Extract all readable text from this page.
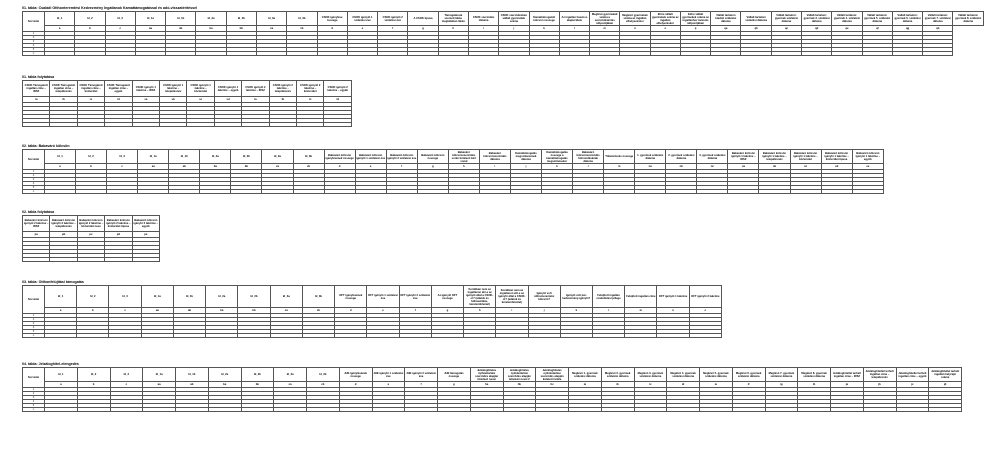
01. tábla: Családi Otthonteremtési Kedvezmény Ingatlanok Kamattámogatással és adó-visszatérítéssel
Sorszám	Id_1	Id_2	Id_3	Id_1a	Id_1b	Id_2a	Id_2b	Id_3a	Id_3b	CSOK igénylése összege	CSOK igénylő 1 születési éve	CSOK igénylő 2 születési éve	A CSOK típusa	Támogatással szerzett lakás megtalálóan lakás	CSOK szerződés dátuma	CSOK szerződésben vállalt gyermekek száma	Kamattámogatott kölcsön összege	Az ingatlan hasznos alapterülete	Meglévő gyermekek száma a szerződéskötés időpontjában	Meglévő gyermekek száma az ingatlan elhelyezéskor	Előre vállalt gyermekek száma az ingatlan elhelyezéskor	Előre vállalt gyermekek száma az ingatlanhoz tartozás időpontjában	Vállalt tartalom kiadott születési dátuma	Vállalt tartalom születési dátuma	Vállalt tartalom: gyermek születési dátuma	Vállalt tartalom: gyermek 3. születési dátuma	Vállalt tartalom: gyermek 4. születési dátuma	Vállalt tartalom: gyermek 5. születési dátuma	Vállalt tartalom: gyermek 6. születési dátuma	Vállalt tartalom: gyermek 7. születési dátuma	Vállalt tartalom: gyermek 8. születési dátuma
	a	b	c	aa	ab	ba	bb	ca	cb	d	e	f	g	h	i	j	k	l	m	n	o	p	qa	qb	qc	qd	qe	qf	qg	qh	
1																															
2																															
3																															
4																															
5																															
n																															
01. tábla folytatása
CSOK Támogatott ingatlan címe – IRSZ	CSOK Támogatott ingatlan címe – településnév	CSOK Támogatott ingatlan címe – közterület	CSOK Támogatott ingatlan címe – egyéb	CSOK igénylő 1 lakcíme – IRSZ	CSOK igénylő 1 lakcíme – településnév	CSOK igénylő 1 lakcíme – közterület	CSOK igénylő 1 lakcíme – egyéb	CSOK igénylő 2 lakcíme – IRSZ	CSOK igénylő 2 lakcíme – településnév	CSOK igénylő 2 lakcíme – közterület	CSOK igénylő 2 lakcíme – egyéb
ra	rb	rc	rd	sa	sb	sc	sd	ta	tb	tc	td

02. tábla: Babaváró kölcsön
Sorszám	Id_1	Id_2	Id_3	Id_1a	Id_1b	Id_2a	Id_2b	Id_3a	Id_3b	Babaváró kölcsön igénylésének összege	Babaváró kölcsön igénylő 1 születési éve	Babaváró kölcsön igénylő 2 születési éve	Babaváró kölcsön összege	Babaváró kölcsönszerződés során kötelező kért vonal	Babaváró kölcsönszerződés dátuma	Kamattámogatás megszűnésének dátuma	Kamattámogatás összege a kamattámogatás megszűnésekor	Babaváró kölcsönszerződés felmondásának dátuma	Tőketartozás összege	1. gyermek születési dátuma	2. gyermek születési dátuma	3. gyermek születési dátuma	Babaváró kölcsön igénylő 1 lakcíme – IRSZ	Babaváró kölcsön igénylő 1 lakcíme – településnév	Babaváró kölcsön igénylő 1 lakcíme – közterület	Babaváró kölcsön igénylő 1 lakcíme – közterület típusa	Babaváró kölcsön igénylő 1 lakcíme – egyéb
	a	b	c	aa	ab	ba	bb	ca	cb	d	e	f	g	h	i	j	k	l	m	na	nb	nc	oa	ob	oc	od	oe
1																											
2																											
3																											
4																											
5																											
n																											
02. tábla folytatása
Babaváró kölcsön igénylő 2 lakcíme – IRSZ	Babaváró kölcsön igénylő 2 lakcíme – településnév	Babaváró kölcsön igénylő 2 lakcíme – közterület neve	Babaváró kölcsön igénylő 2 lakcíme – közterület típusa	Babaváró kölcsön igénylő 2 lakcíme – egyéb
pa	pb	pc	pd	pe

03. tábla: Otthonfelújítási támogatás
Sorszám	Id_1	Id_2	Id_3	Id_1a	Id_1b	Id_2a	Id_2b	Id_3a	Id_3b	OFT igénylésének összege	OFT igénylő 1 születési éve	OFT igénylő 2 születési éve	Az igénylő OFT összege	Korábban nem az ingatlanon élő-e az igénylő által a CSOK-ot? (adatok és felhasználás, kérelemfelvétel)	Korábban nem az ingatlanon élő-e az igénylő által a CSOK-ot? (adatok és kérelemfelvétel)	Igénylő volt otthonteremtési kölcsön?	Igénylő volt pár-kedvezmény-igénylő?	Felújított ingatlan rendeltetési jellege	Felújított ingatlan címe	OFT igénylő 1 lakcíme	OFT igénylő 2 lakcíme
	a	b	c	aa	ab	ba	bb	ca	cb	d	e	f	g	h	i	j	k	l	m	n	o
1																					
2																					
3																					
4																					
5																					
n																					
04. tábla: Jelzáloghitel-elengedés
Sorszám	Id_1	Id_2	Id_3	Id_1a	Id_1b	Id_2a	Id_2b	Id_3a	Id_3b	JHE igénylésének összege	JHE igénylő 1 születési éve	JHE igénylő 2 születési éve	JHE támogatás összege	Jelzáloghiteles nyilvántartási szerződés alapján kötelező nevei	Jelzáloghiteles nyilvántartási szerződés alapján kötelező nevei 2	Jelzáloghiteles nyilvántartási szerződés alapján kötelező tétele	Meglévő 1. gyermek születési dátuma	Meglévő 2. gyermek születési dátuma	Meglévő 3. gyermek születési dátuma	Meglévő 4. gyermek születési dátuma	Meglévő 5. gyermek születési dátuma	Meglévő 6. gyermek születési dátuma	Meglévő 7. gyermek születési dátuma	Meglévő 8. gyermek születési dátuma	Jelzáloghitellel terhelt ingatlan címe – IRSZ	Jelzáloghitellel terhelt ingatlan címe – településnév	Jelzáloghitellel terhelt ingatlan címe – egyéb	Jelzáloghitellel terhelt ingatlan helyrajzi száma
	a	b	c	aa	ab	ba	bb	ca	cb	d	e	f	g	ha	hb	hc	ia	ib	ic	id	ie	if	ig	ih	ja	jb	jc	jd
1																												
2																												
3																												
4																												
5																												
n																												
